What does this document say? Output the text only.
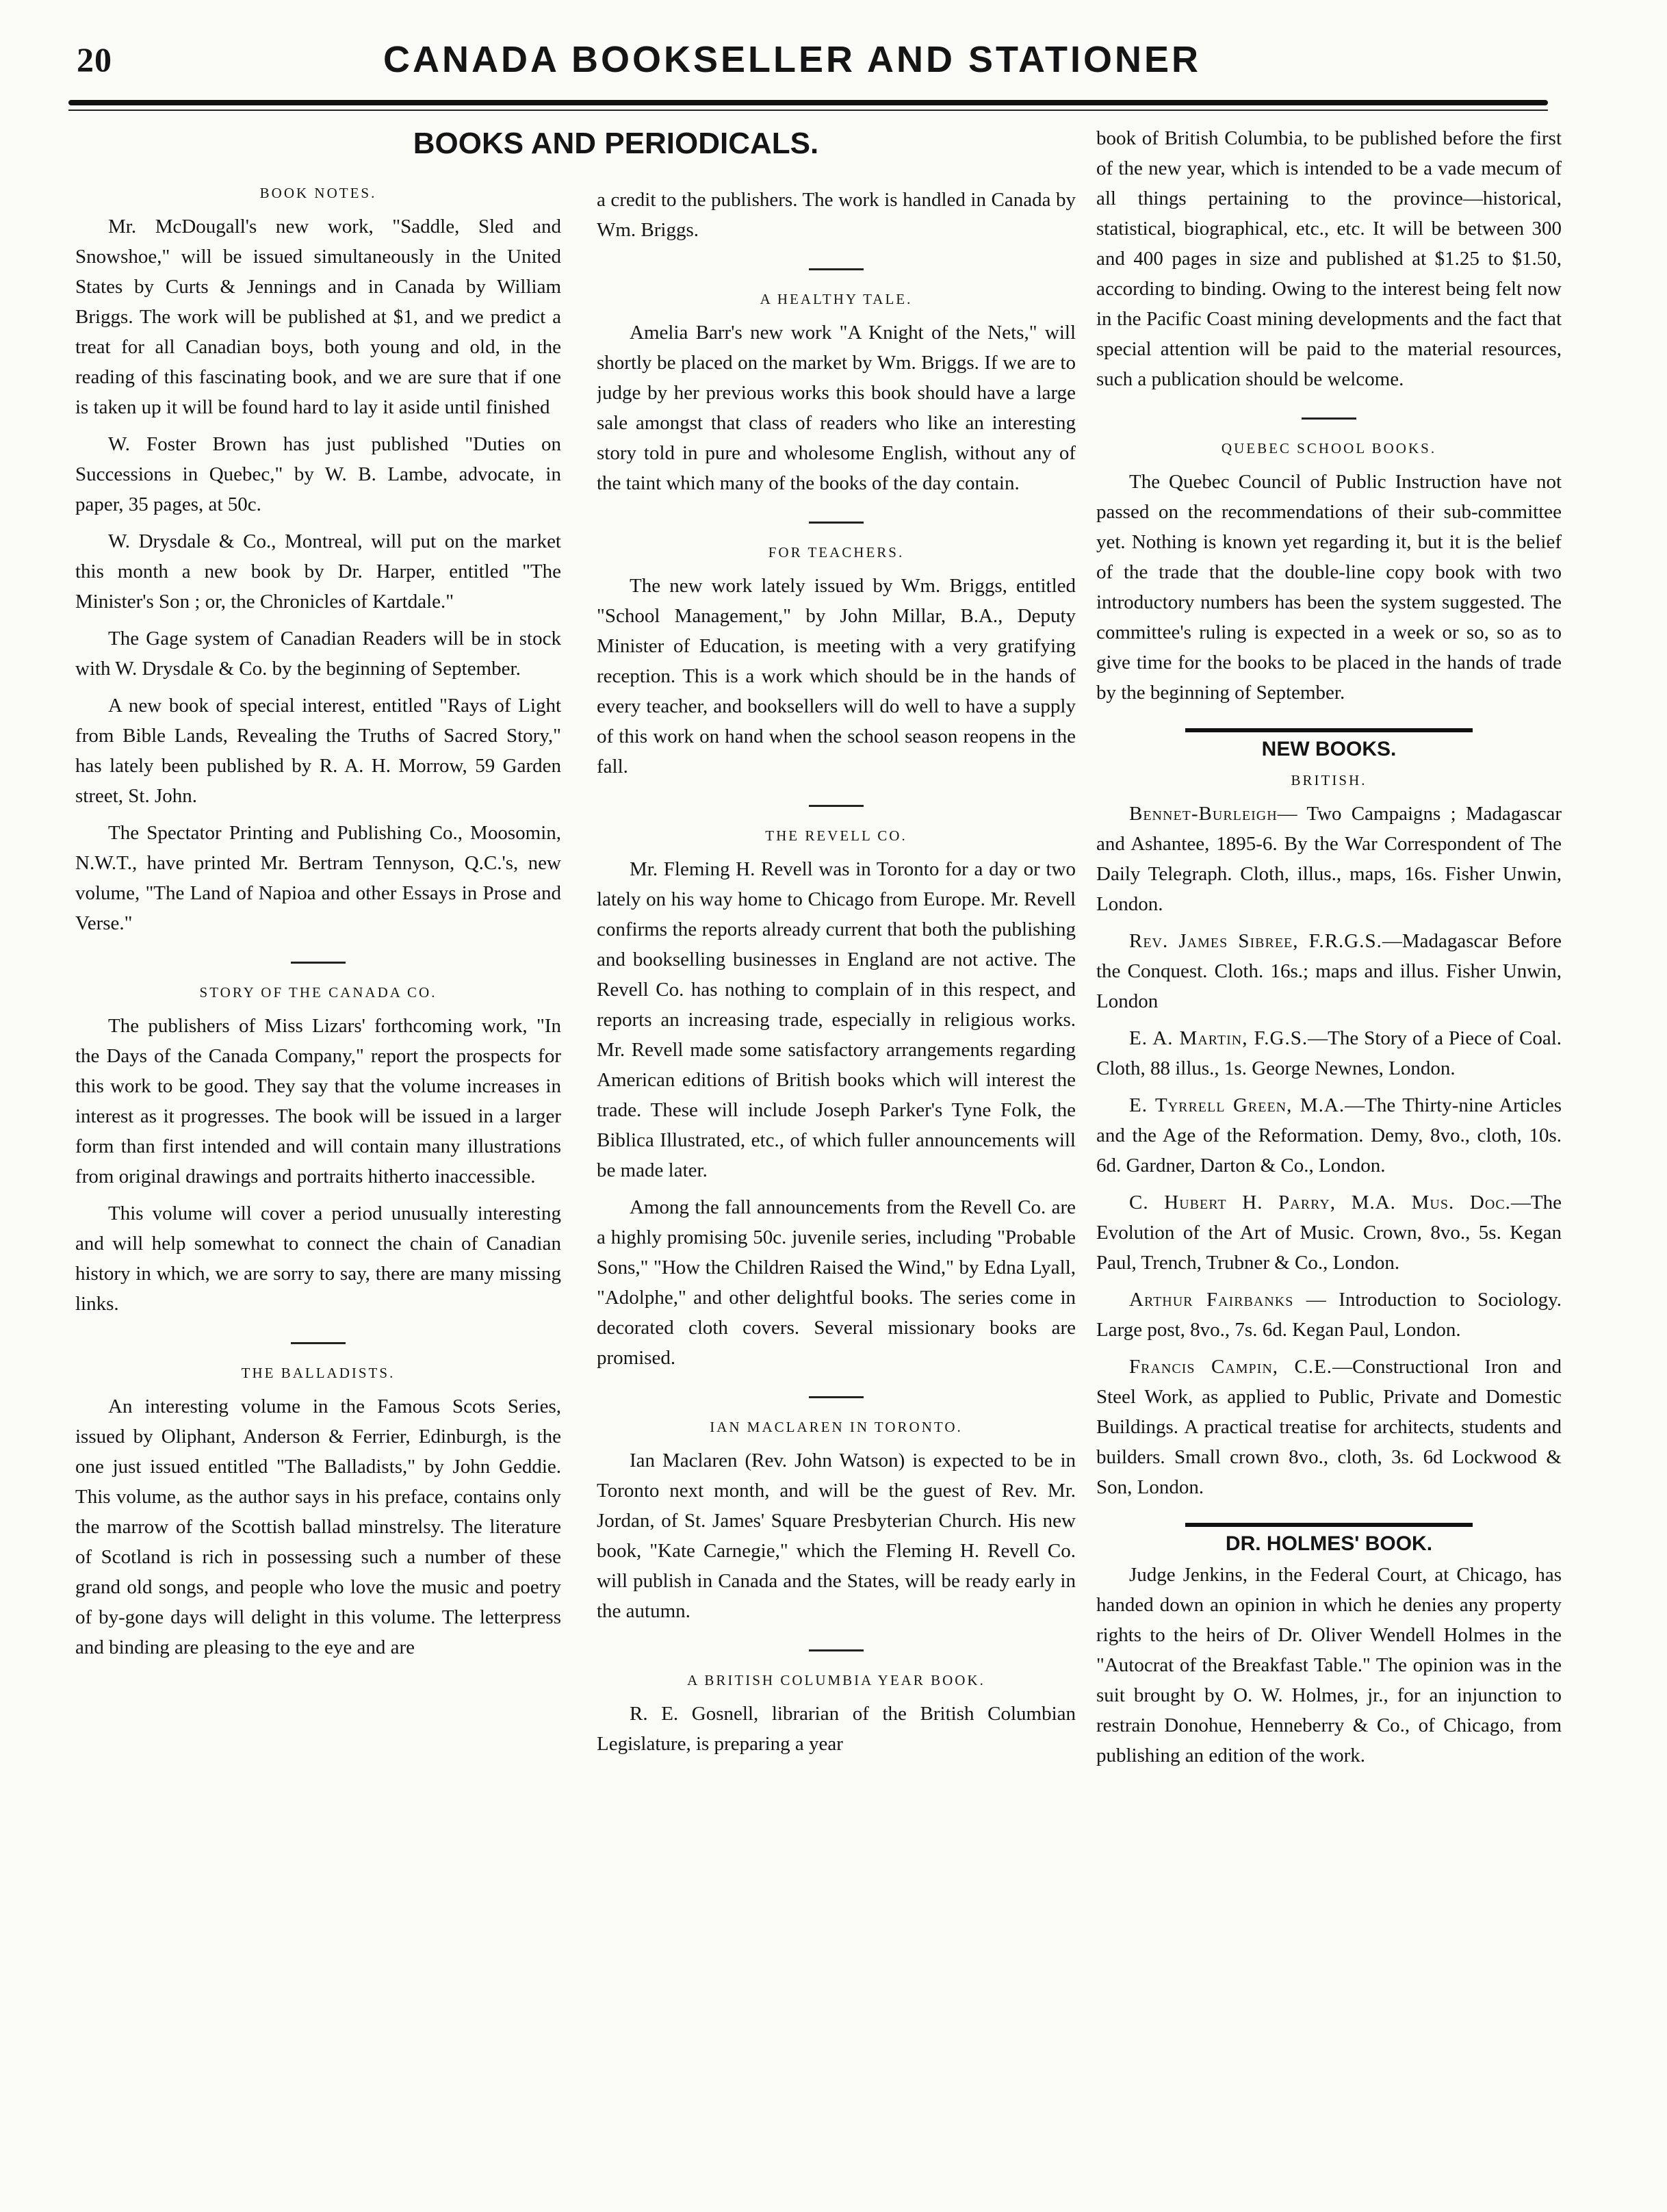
20	CANADA BOOKSELLER AND STATIONER
BOOKS AND PERIODICALS.
BOOK NOTES.

Mr. McDougall's new work, "Saddle, Sled and Snowshoe," will be issued simultaneously in the United States by Curts & Jennings and in Canada by William Briggs. The work will be published at $1, and we predict a treat for all Canadian boys, both young and old, in the reading of this fascinating book, and we are sure that if one is taken up it will be found hard to lay it aside until finished

W. Foster Brown has just published "Duties on Successions in Quebec," by W. B. Lambe, advocate, in paper, 35 pages, at 50c.

W. Drysdale & Co., Montreal, will put on the market this month a new book by Dr. Harper, entitled "The Minister's Son ; or, the Chronicles of Kartdale."

The Gage system of Canadian Readers will be in stock with W. Drysdale & Co. by the beginning of September.

A new book of special interest, entitled "Rays of Light from Bible Lands, Revealing the Truths of Sacred Story," has lately been published by R. A. H. Morrow, 59 Garden street, St. John.

The Spectator Printing and Publishing Co., Moosomin, N.W.T., have printed Mr. Bertram Tennyson, Q.C.'s, new volume, "The Land of Napioa and other Essays in Prose and Verse."

STORY OF THE CANADA CO.

The publishers of Miss Lizars' forthcoming work, "In the Days of the Canada Company," report the prospects for this work to be good. They say that the volume increases in interest as it progresses. The book will be issued in a larger form than first intended and will contain many illustrations from original drawings and portraits hitherto inaccessible.

This volume will cover a period unusually interesting and will help somewhat to connect the chain of Canadian history in which, we are sorry to say, there are many missing links.

THE BALLADISTS.

An interesting volume in the Famous Scots Series, issued by Oliphant, Anderson & Ferrier, Edinburgh, is the one just issued entitled "The Balladists," by John Geddie. This volume, as the author says in his preface, contains only the marrow of the Scottish ballad minstrelsy. The literature of Scotland is rich in possessing such a number of these grand old songs, and people who love the music and poetry of by-gone days will delight in this volume. The letterpress and binding are pleasing to the eye and are

a credit to the publishers. The work is handled in Canada by Wm. Briggs.

A HEALTHY TALE.

Amelia Barr's new work "A Knight of the Nets," will shortly be placed on the market by Wm. Briggs. If we are to judge by her previous works this book should have a large sale amongst that class of readers who like an interesting story told in pure and wholesome English, without any of the taint which many of the books of the day contain.

FOR TEACHERS.

The new work lately issued by Wm. Briggs, entitled "School Management," by John Millar, B.A., Deputy Minister of Education, is meeting with a very gratifying reception. This is a work which should be in the hands of every teacher, and booksellers will do well to have a supply of this work on hand when the school season reopens in the fall.

THE REVELL CO.

Mr. Fleming H. Revell was in Toronto for a day or two lately on his way home to Chicago from Europe. Mr. Revell confirms the reports already current that both the publishing and bookselling businesses in England are not active. The Revell Co. has nothing to complain of in this respect, and reports an increasing trade, especially in religious works. Mr. Revell made some satisfactory arrangements regarding American editions of British books which will interest the trade. These will include Joseph Parker's Tyne Folk, the Biblica Illustrated, etc., of which fuller announcements will be made later.

Among the fall announcements from the Revell Co. are a highly promising 50c. juvenile series, including "Probable Sons," "How the Children Raised the Wind," by Edna Lyall, "Adolphe," and other delightful books. The series come in decorated cloth covers. Several missionary books are promised.

IAN MACLAREN IN TORONTO.

Ian Maclaren (Rev. John Watson) is expected to be in Toronto next month, and will be the guest of Rev. Mr. Jordan, of St. James' Square Presbyterian Church. His new book, "Kate Carnegie," which the Fleming H. Revell Co. will publish in Canada and the States, will be ready early in the autumn.

A BRITISH COLUMBIA YEAR BOOK.

R. E. Gosnell, librarian of the British Columbian Legislature, is preparing a year

book of British Columbia, to be published before the first of the new year, which is intended to be a vade mecum of all things pertaining to the province—historical, statistical, biographical, etc., etc. It will be between 300 and 400 pages in size and published at $1.25 to $1.50, according to binding. Owing to the interest being felt now in the Pacific Coast mining developments and the fact that special attention will be paid to the material resources, such a publication should be welcome.

QUEBEC SCHOOL BOOKS.

The Quebec Council of Public Instruction have not passed on the recommendations of their sub-committee yet. Nothing is known yet regarding it, but it is the belief of the trade that the double-line copy book with two introductory numbers has been the system suggested. The committee's ruling is expected in a week or so, so as to give time for the books to be placed in the hands of trade by the beginning of September.

NEW BOOKS.
BRITISH.

Bennet-Burleigh— Two Campaigns ; Madagascar and Ashantee, 1895-6. By the War Correspondent of The Daily Telegraph. Cloth, illus., maps, 16s. Fisher Unwin, London.

Rev. James Sibree, F.R.G.S.—Madagascar Before the Conquest. Cloth. 16s.; maps and illus. Fisher Unwin, London

E. A. Martin, F.G.S.—The Story of a Piece of Coal. Cloth, 88 illus., 1s. George Newnes, London.

E. Tyrrell Green, M.A.—The Thirty-nine Articles and the Age of the Reformation. Demy, 8vo., cloth, 10s. 6d. Gardner, Darton & Co., London.

C. Hubert H. Parry, M.A. Mus. Doc.—The Evolution of the Art of Music. Crown, 8vo., 5s. Kegan Paul, Trench, Trubner & Co., London.

Arthur Fairbanks — Introduction to Sociology. Large post, 8vo., 7s. 6d. Kegan Paul, London.

Francis Campin, C.E.—Constructional Iron and Steel Work, as applied to Public, Private and Domestic Buildings. A practical treatise for architects, students and builders. Small crown 8vo., cloth, 3s. 6d Lockwood & Son, London.

DR. HOLMES' BOOK.

Judge Jenkins, in the Federal Court, at Chicago, has handed down an opinion in which he denies any property rights to the heirs of Dr. Oliver Wendell Holmes in the "Autocrat of the Breakfast Table." The opinion was in the suit brought by O. W. Holmes, jr., for an injunction to restrain Donohue, Henneberry & Co., of Chicago, from publishing an edition of the work.
